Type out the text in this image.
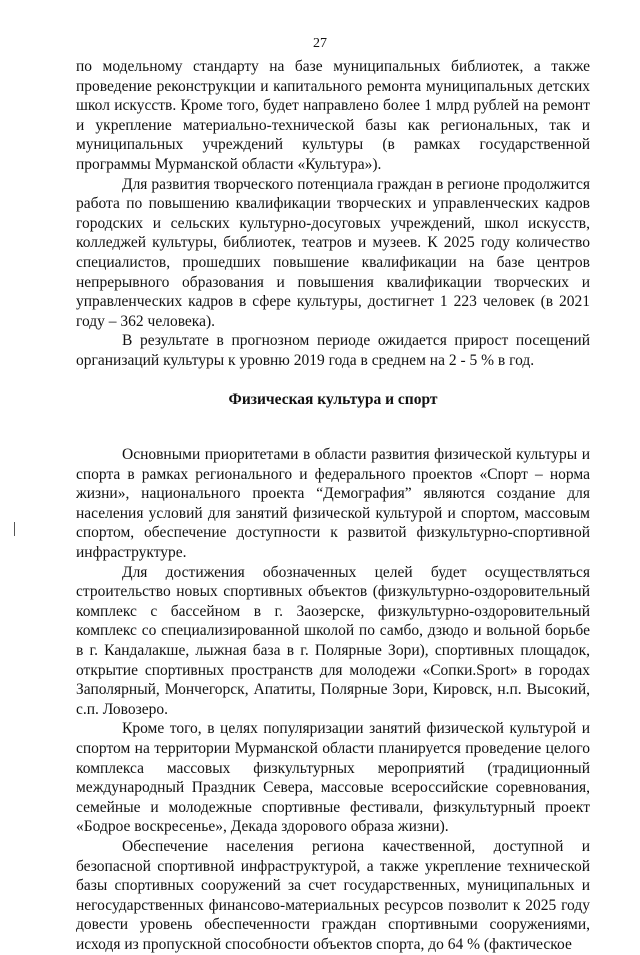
27

по модельному стандарту на базе муниципальных библиотек, а также проведение реконструкции и капитального ремонта муниципальных детских школ искусств. Кроме того, будет направлено более 1 млрд рублей на ремонт и укрепление материально-технической базы как региональных, так и муниципальных учреждений культуры (в рамках государственной программы Мурманской области «Культура»).

Для развития творческого потенциала граждан в регионе продолжится работа по повышению квалификации творческих и управленческих кадров городских и сельских культурно-досуговых учреждений, школ искусств, колледжей культуры, библиотек, театров и музеев. К 2025 году количество специалистов, прошедших повышение квалификации на базе центров непрерывного образования и повышения квалификации творческих и управленческих кадров в сфере культуры, достигнет 1 223 человек (в 2021 году – 362 человека).

В результате в прогнозном периоде ожидается прирост посещений организаций культуры к уровню 2019 года в среднем на 2 - 5 % в год.

Физическая культура и спорт

Основными приоритетами в области развития физической культуры и спорта в рамках регионального и федерального проектов «Спорт – норма жизни», национального проекта “Демография” являются создание для населения условий для занятий физической культурой и спортом, массовым спортом, обеспечение доступности к развитой физкультурно-спортивной инфраструктуре.

Для достижения обозначенных целей будет осуществляться строительство новых спортивных объектов (физкультурно-оздоровительный комплекс с бассейном в г. Заозерске, физкультурно-оздоровительный комплекс со специализированной школой по самбо, дзюдо и вольной борьбе в г. Кандалакше, лыжная база в г. Полярные Зори), спортивных площадок, открытие спортивных пространств для молодежи «Сопки.Sport» в городах Заполярный, Мончегорск, Апатиты, Полярные Зори, Кировск, н.п. Высокий, с.п. Ловозеро.

Кроме того, в целях популяризации занятий физической культурой и спортом на территории Мурманской области планируется проведение целого комплекса массовых физкультурных мероприятий (традиционный международный Праздник Севера, массовые всероссийские соревнования, семейные и молодежные спортивные фестивали, физкультурный проект «Бодрое воскресенье», Декада здорового образа жизни).

Обеспечение населения региона качественной, доступной и безопасной спортивной инфраструктурой, а также укрепление технической базы спортивных сооружений за счет государственных, муниципальных и негосударственных финансово-материальных ресурсов позволит к 2025 году довести уровень обеспеченности граждан спортивными сооружениями, исходя из пропускной способности объектов спорта, до 64 % (фактическое
